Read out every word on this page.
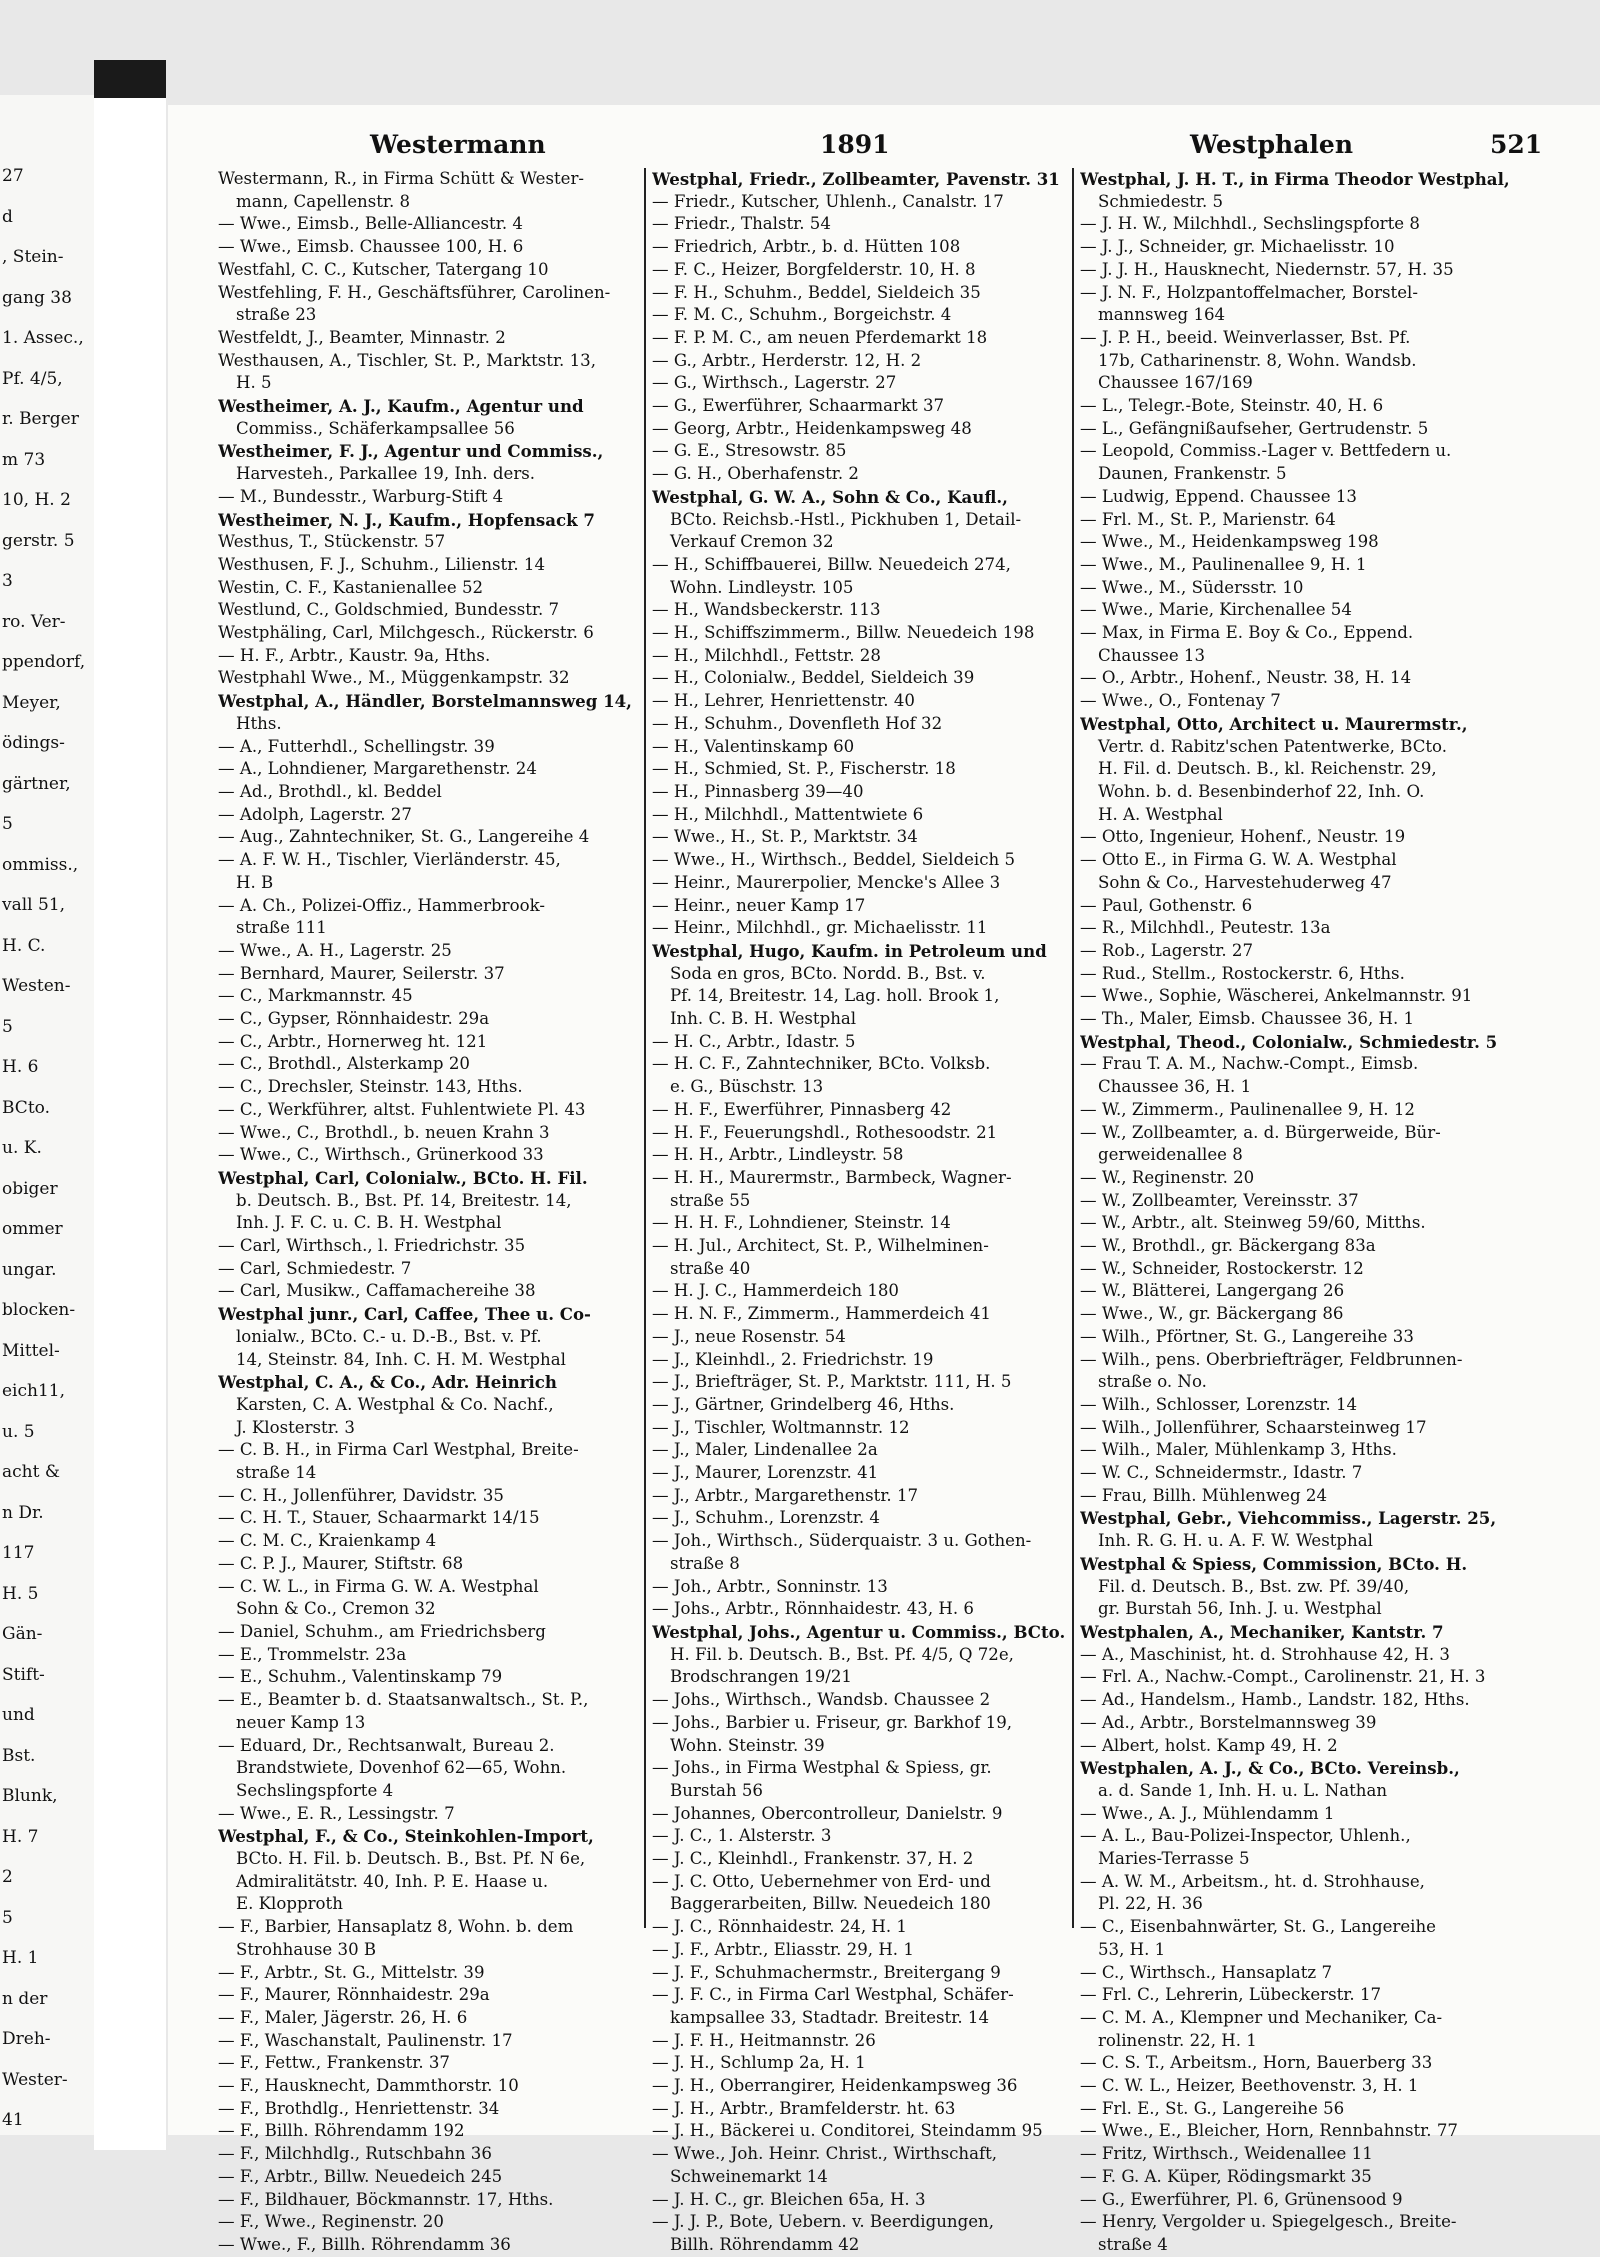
27
d
, Stein-
gang 38
1. Assec.,
Pf. 4/5,
r. Berger
m 73
10, H. 2
gerstr. 5
3
ro. Ver-
ppendorf,
Meyer,
ödings-
gärtner,
5
ommiss.,
vall 51,
H. C.
Westen-
5
H. 6
BCto.
u. K.
obiger
ommer
ungar.
blocken-
Mittel-
eich11,
u. 5
acht &
n Dr.
117
H. 5
Gän-
Stift-
und
Bst.
Blunk,
H. 7
2
5
H. 1
n der
Dreh-
Wester-
41
Westermann	1891	Westphalen	521
Westermann, R., in Firma Schütt & Wester-
mann, Capellenstr. 8
— Wwe., Eimsb., Belle-Alliancestr. 4
— Wwe., Eimsb. Chaussee 100, H. 6
Westfahl, C. C., Kutscher, Tatergang 10
Westfehling, F. H., Geschäftsführer, Carolinen-
straße 23
Westfeldt, J., Beamter, Minnastr. 2
Westhausen, A., Tischler, St. P., Marktstr. 13,
H. 5
Westheimer, A. J., Kaufm., Agentur und
Commiss., Schäferkampsallee 56
Westheimer, F. J., Agentur und Commiss.,
Harvesteh., Parkallee 19, Inh. ders.
— M., Bundesstr., Warburg-Stift 4
Westheimer, N. J., Kaufm., Hopfensack 7
Westhus, T., Stückenstr. 57
Westhusen, F. J., Schuhm., Lilienstr. 14
Westin, C. F., Kastanienallee 52
Westlund, C., Goldschmied, Bundesstr. 7
Westphäling, Carl, Milchgesch., Rückerstr. 6
— H. F., Arbtr., Kaustr. 9a, Hths.
Westphahl Wwe., M., Müggenkampstr. 32
Westphal, A., Händler, Borstelmannsweg 14,
Hths.
— A., Futterhdl., Schellingstr. 39
— A., Lohndiener, Margarethenstr. 24
— Ad., Brothdl., kl. Beddel
— Adolph, Lagerstr. 27
— Aug., Zahntechniker, St. G., Langereihe 4
— A. F. W. H., Tischler, Vierländerstr. 45,
H. B
— A. Ch., Polizei-Offiz., Hammerbrook-
straße 111
— Wwe., A. H., Lagerstr. 25
— Bernhard, Maurer, Seilerstr. 37
— C., Markmannstr. 45
— C., Gypser, Rönnhaidestr. 29a
— C., Arbtr., Hornerweg ht. 121
— C., Brothdl., Alsterkamp 20
— C., Drechsler, Steinstr. 143, Hths.
— C., Werkführer, altst. Fuhlentwiete Pl. 43
— Wwe., C., Brothdl., b. neuen Krahn 3
— Wwe., C., Wirthsch., Grünerkood 33
Westphal, Carl, Colonialw., BCto. H. Fil.
b. Deutsch. B., Bst. Pf. 14, Breitestr. 14,
Inh. J. F. C. u. C. B. H. Westphal
— Carl, Wirthsch., l. Friedrichstr. 35
— Carl, Schmiedestr. 7
— Carl, Musikw., Caffamachereihe 38
Westphal junr., Carl, Caffee, Thee u. Co-
lonialw., BCto. C.- u. D.-B., Bst. v. Pf.
14, Steinstr. 84, Inh. C. H. M. Westphal
Westphal, C. A., & Co., Adr. Heinrich
Karsten, C. A. Westphal & Co. Nachf.,
J. Klosterstr. 3
— C. B. H., in Firma Carl Westphal, Breite-
straße 14
— C. H., Jollenführer, Davidstr. 35
— C. H. T., Stauer, Schaarmarkt 14/15
— C. M. C., Kraienkamp 4
— C. P. J., Maurer, Stiftstr. 68
— C. W. L., in Firma G. W. A. Westphal
Sohn & Co., Cremon 32
— Daniel, Schuhm., am Friedrichsberg
— E., Trommelstr. 23a
— E., Schuhm., Valentinskamp 79
— E., Beamter b. d. Staatsanwaltsch., St. P.,
neuer Kamp 13
— Eduard, Dr., Rechtsanwalt, Bureau 2.
Brandstwiete, Dovenhof 62—65, Wohn.
Sechslingspforte 4
— Wwe., E. R., Lessingstr. 7
Westphal, F., & Co., Steinkohlen-Import,
BCto. H. Fil. b. Deutsch. B., Bst. Pf. N 6e,
Admiralitätstr. 40, Inh. P. E. Haase u.
E. Klopproth
— F., Barbier, Hansaplatz 8, Wohn. b. dem
Strohhause 30 B
— F., Arbtr., St. G., Mittelstr. 39
— F., Maurer, Rönnhaidestr. 29a
— F., Maler, Jägerstr. 26, H. 6
— F., Waschanstalt, Paulinenstr. 17
— F., Fettw., Frankenstr. 37
— F., Hausknecht, Dammthorstr. 10
— F., Brothdlg., Henriettenstr. 34
— F., Billh. Röhrendamm 192
— F., Milchhdlg., Rutschbahn 36
— F., Arbtr., Billw. Neuedeich 245
— F., Bildhauer, Böckmannstr. 17, Hths.
— F., Wwe., Reginenstr. 20
— Wwe., F., Billh. Röhrendamm 36
Westphal, Friedr., Zollbeamter, Pavenstr. 31
— Friedr., Kutscher, Uhlenh., Canalstr. 17
— Friedr., Thalstr. 54
— Friedrich, Arbtr., b. d. Hütten 108
— F. C., Heizer, Borgfelderstr. 10, H. 8
— F. H., Schuhm., Beddel, Sieldeich 35
— F. M. C., Schuhm., Borgeichstr. 4
— F. P. M. C., am neuen Pferdemarkt 18
— G., Arbtr., Herderstr. 12, H. 2
— G., Wirthsch., Lagerstr. 27
— G., Ewerführer, Schaarmarkt 37
— Georg, Arbtr., Heidenkampsweg 48
— G. E., Stresowstr. 85
— G. H., Oberhafenstr. 2
Westphal, G. W. A., Sohn & Co., Kaufl.,
BCto. Reichsb.-Hstl., Pickhuben 1, Detail-
Verkauf Cremon 32
— H., Schiffbauerei, Billw. Neuedeich 274,
Wohn. Lindleystr. 105
— H., Wandsbeckerstr. 113
— H., Schiffszimmerm., Billw. Neuedeich 198
— H., Milchhdl., Fettstr. 28
— H., Colonialw., Beddel, Sieldeich 39
— H., Lehrer, Henriettenstr. 40
— H., Schuhm., Dovenfleth Hof 32
— H., Valentinskamp 60
— H., Schmied, St. P., Fischerstr. 18
— H., Pinnasberg 39—40
— H., Milchhdl., Mattentwiete 6
— Wwe., H., St. P., Marktstr. 34
— Wwe., H., Wirthsch., Beddel, Sieldeich 5
— Heinr., Maurerpolier, Mencke's Allee 3
— Heinr., neuer Kamp 17
— Heinr., Milchhdl., gr. Michaelisstr. 11
Westphal, Hugo, Kaufm. in Petroleum und
Soda en gros, BCto. Nordd. B., Bst. v.
Pf. 14, Breitestr. 14, Lag. holl. Brook 1,
Inh. C. B. H. Westphal
— H. C., Arbtr., Idastr. 5
— H. C. F., Zahntechniker, BCto. Volksb.
e. G., Büschstr. 13
— H. F., Ewerführer, Pinnasberg 42
— H. F., Feuerungshdl., Rothesoodstr. 21
— H. H., Arbtr., Lindleystr. 58
— H. H., Maurermstr., Barmbeck, Wagner-
straße 55
— H. H. F., Lohndiener, Steinstr. 14
— H. Jul., Architect, St. P., Wilhelminen-
straße 40
— H. J. C., Hammerdeich 180
— H. N. F., Zimmerm., Hammerdeich 41
— J., neue Rosenstr. 54
— J., Kleinhdl., 2. Friedrichstr. 19
— J., Briefträger, St. P., Marktstr. 111, H. 5
— J., Gärtner, Grindelberg 46, Hths.
— J., Tischler, Woltmannstr. 12
— J., Maler, Lindenallee 2a
— J., Maurer, Lorenzstr. 41
— J., Arbtr., Margarethenstr. 17
— J., Schuhm., Lorenzstr. 4
— Joh., Wirthsch., Süderquaistr. 3 u. Gothen-
straße 8
— Joh., Arbtr., Sonninstr. 13
— Johs., Arbtr., Rönnhaidestr. 43, H. 6
Westphal, Johs., Agentur u. Commiss., BCto.
H. Fil. b. Deutsch. B., Bst. Pf. 4/5, Q 72e,
Brodschrangen 19/21
— Johs., Wirthsch., Wandsb. Chaussee 2
— Johs., Barbier u. Friseur, gr. Barkhof 19,
Wohn. Steinstr. 39
— Johs., in Firma Westphal & Spiess, gr.
Burstah 56
— Johannes, Obercontrolleur, Danielstr. 9
— J. C., 1. Alsterstr. 3
— J. C., Kleinhdl., Frankenstr. 37, H. 2
— J. C. Otto, Uebernehmer von Erd- und
Baggerarbeiten, Billw. Neuedeich 180
— J. C., Rönnhaidestr. 24, H. 1
— J. F., Arbtr., Eliasstr. 29, H. 1
— J. F., Schuhmachermstr., Breitergang 9
— J. F. C., in Firma Carl Westphal, Schäfer-
kampsallee 33, Stadtadr. Breitestr. 14
— J. F. H., Heitmannstr. 26
— J. H., Schlump 2a, H. 1
— J. H., Oberrangirer, Heidenkampsweg 36
— J. H., Arbtr., Bramfelderstr. ht. 63
— J. H., Bäckerei u. Conditorei, Steindamm 95
— Wwe., Joh. Heinr. Christ., Wirthschaft,
Schweinemarkt 14
— J. H. C., gr. Bleichen 65a, H. 3
— J. J. P., Bote, Uebern. v. Beerdigungen,
Billh. Röhrendamm 42
Westphal, J. H. T., in Firma Theodor Westphal,
Schmiedestr. 5
— J. H. W., Milchhdl., Sechslingspforte 8
— J. J., Schneider, gr. Michaelisstr. 10
— J. J. H., Hausknecht, Niedernstr. 57, H. 35
— J. N. F., Holzpantoffelmacher, Borstel-
mannsweg 164
— J. P. H., beeid. Weinverlasser, Bst. Pf.
17b, Catharinenstr. 8, Wohn. Wandsb.
Chaussee 167/169
— L., Telegr.-Bote, Steinstr. 40, H. 6
— L., Gefängnißaufseher, Gertrudenstr. 5
— Leopold, Commiss.-Lager v. Bettfedern u.
Daunen, Frankenstr. 5
— Ludwig, Eppend. Chaussee 13
— Frl. M., St. P., Marienstr. 64
— Wwe., M., Heidenkampsweg 198
— Wwe., M., Paulinenallee 9, H. 1
— Wwe., M., Südersstr. 10
— Wwe., Marie, Kirchenallee 54
— Max, in Firma E. Boy & Co., Eppend.
Chaussee 13
— O., Arbtr., Hohenf., Neustr. 38, H. 14
— Wwe., O., Fontenay 7
Westphal, Otto, Architect u. Maurermstr.,
Vertr. d. Rabitz'schen Patentwerke, BCto.
H. Fil. d. Deutsch. B., kl. Reichenstr. 29,
Wohn. b. d. Besenbinderhof 22, Inh. O.
H. A. Westphal
— Otto, Ingenieur, Hohenf., Neustr. 19
— Otto E., in Firma G. W. A. Westphal
Sohn & Co., Harvestehuderweg 47
— Paul, Gothenstr. 6
— R., Milchhdl., Peutestr. 13a
— Rob., Lagerstr. 27
— Rud., Stellm., Rostockerstr. 6, Hths.
— Wwe., Sophie, Wäscherei, Ankelmannstr. 91
— Th., Maler, Eimsb. Chaussee 36, H. 1
Westphal, Theod., Colonialw., Schmiedestr. 5
— Frau T. A. M., Nachw.-Compt., Eimsb.
Chaussee 36, H. 1
— W., Zimmerm., Paulinenallee 9, H. 12
— W., Zollbeamter, a. d. Bürgerweide, Bür-
gerweidenallee 8
— W., Reginenstr. 20
— W., Zollbeamter, Vereinsstr. 37
— W., Arbtr., alt. Steinweg 59/60, Mitths.
— W., Brothdl., gr. Bäckergang 83a
— W., Schneider, Rostockerstr. 12
— W., Blätterei, Langergang 26
— Wwe., W., gr. Bäckergang 86
— Wilh., Pförtner, St. G., Langereihe 33
— Wilh., pens. Oberbriefträger, Feldbrunnen-
straße o. No.
— Wilh., Schlosser, Lorenzstr. 14
— Wilh., Jollenführer, Schaarsteinweg 17
— Wilh., Maler, Mühlenkamp 3, Hths.
— W. C., Schneidermstr., Idastr. 7
— Frau, Billh. Mühlenweg 24
Westphal, Gebr., Viehcommiss., Lagerstr. 25,
Inh. R. G. H. u. A. F. W. Westphal
Westphal & Spiess, Commission, BCto. H.
Fil. d. Deutsch. B., Bst. zw. Pf. 39/40,
gr. Burstah 56, Inh. J. u. Westphal
Westphalen, A., Mechaniker, Kantstr. 7
— A., Maschinist, ht. d. Strohhause 42, H. 3
— Frl. A., Nachw.-Compt., Carolinenstr. 21, H. 3
— Ad., Handelsm., Hamb., Landstr. 182, Hths.
— Ad., Arbtr., Borstelmannsweg 39
— Albert, holst. Kamp 49, H. 2
Westphalen, A. J., & Co., BCto. Vereinsb.,
a. d. Sande 1, Inh. H. u. L. Nathan
— Wwe., A. J., Mühlendamm 1
— A. L., Bau-Polizei-Inspector, Uhlenh.,
Maries-Terrasse 5
— A. W. M., Arbeitsm., ht. d. Strohhause,
Pl. 22, H. 36
— C., Eisenbahnwärter, St. G., Langereihe
53, H. 1
— C., Wirthsch., Hansaplatz 7
— Frl. C., Lehrerin, Lübeckerstr. 17
— C. M. A., Klempner und Mechaniker, Ca-
rolinenstr. 22, H. 1
— C. S. T., Arbeitsm., Horn, Bauerberg 33
— C. W. L., Heizer, Beethovenstr. 3, H. 1
— Frl. E., St. G., Langereihe 56
— Wwe., E., Bleicher, Horn, Rennbahnstr. 77
— Fritz, Wirthsch., Weidenallee 11
— F. G. A. Küper, Rödingsmarkt 35
— G., Ewerführer, Pl. 6, Grünensood 9
— Henry, Vergolder u. Spiegelgesch., Breite-
straße 4
